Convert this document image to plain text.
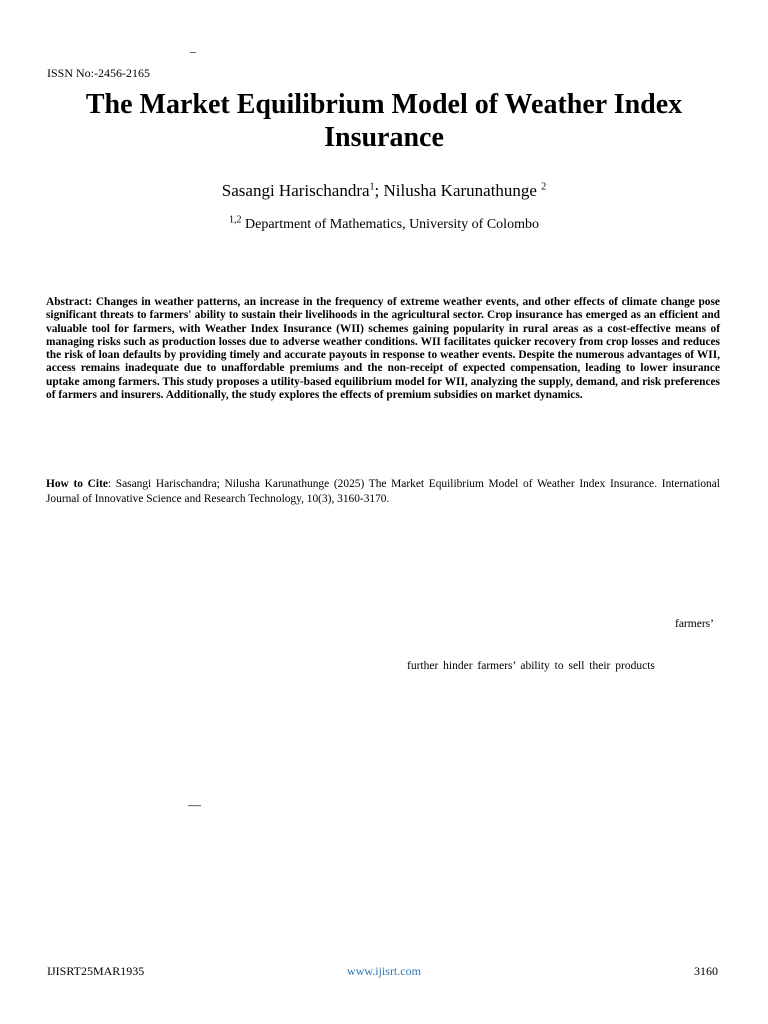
–
ISSN No:-2456-2165
The Market Equilibrium Model of Weather Index Insurance
Sasangi Harischandra$^1$; Nilusha Karunathunge $^2$
$^{1,2}$ Department of Mathematics, University of Colombo
Abstract: Changes in weather patterns, an increase in the frequency of extreme weather events, and other effects of climate change pose significant threats to farmers' ability to sustain their livelihoods in the agricultural sector. Crop insurance has emerged as an efficient and valuable tool for farmers, with Weather Index Insurance (WII) schemes gaining popularity in rural areas as a cost-effective means of managing risks such as production losses due to adverse weather conditions. WII facilitates quicker recovery from crop losses and reduces the risk of loan defaults by providing timely and accurate payouts in response to weather events. Despite the numerous advantages of WII, access remains inadequate due to unaffordable premiums and the non-receipt of expected compensation, leading to lower insurance uptake among farmers. This study proposes a utility-based equilibrium model for WII, analyzing the supply, demand, and risk preferences of farmers and insurers. Additionally, the study explores the effects of premium subsidies on market dynamics.
How to Cite: Sasangi Harischandra; Nilusha Karunathunge (2025) The Market Equilibrium Model of Weather Index Insurance. International Journal of Innovative Science and Research Technology, 10(3), 3160-3170.
farmers’
further hinder farmers’ ability to sell their products
—
IJISRT25MAR1935	www.ijisrt.com	3160
